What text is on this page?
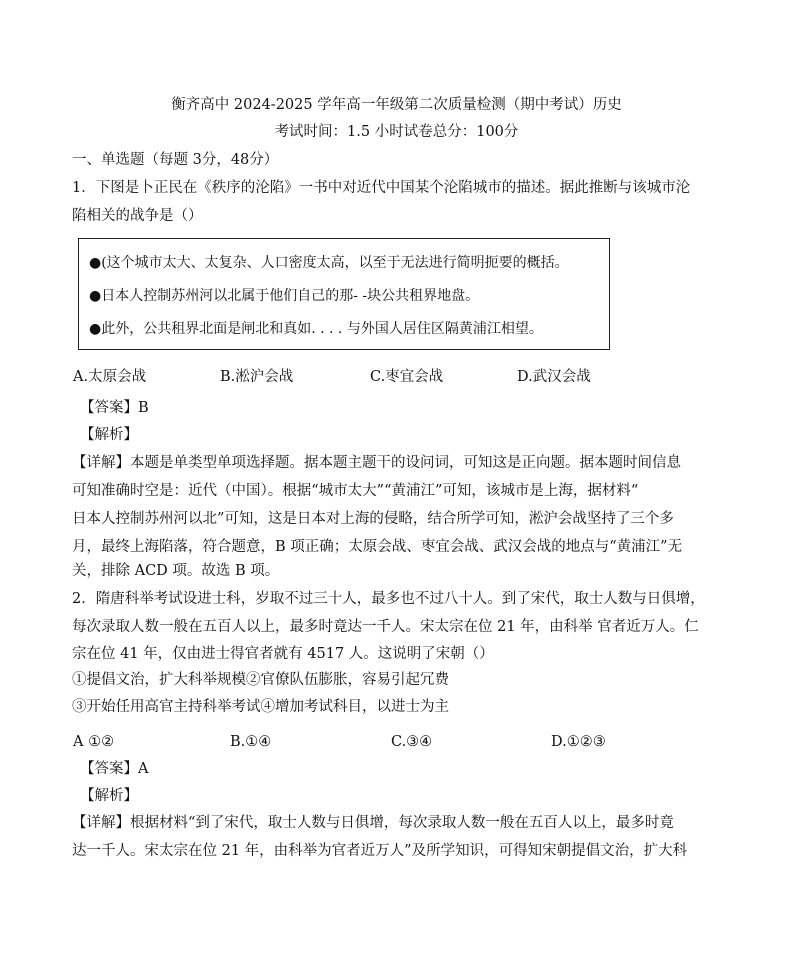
衡齐高中 2024-2025 学年高一年级第二次质量检测（期中考试）历史
考试时间：1.5 小时试卷总分：100分
一、单选题（每题 3分，48分）
1．下图是卜正民在《秩序的沦陷》一书中对近代中国某个沦陷城市的描述。据此推断与该城市沦
陷相关的战争是（）
●(这个城市太大、太复杂、人口密度太高，以至于无法进行简明扼要的概括。
●日本人控制苏州河以北属于他们自己的那- -块公共租界地盘。
●此外，公共租界北面是闸北和真如. . . . 与外国人居住区隔黄浦江相望。
A.太原会战	B.淞沪会战	C.枣宜会战	D.武汉会战
【答案】B
【解析】
【详解】本题是单类型单项选择题。据本题主题干的设问词，可知这是正向题。据本题时间信息
可知准确时空是：近代（中国）。根据“城市太大”“黄浦江”可知，该城市是上海，据材料“
日本人控制苏州河以北”可知，这是日本对上海的侵略，结合所学可知，淞沪会战坚持了三个多
月，最终上海陷落，符合题意，B 项正确；太原会战、枣宜会战、武汉会战的地点与“黄浦江”无
关，排除 ACD 项。故选 B 项。
2．隋唐科举考试设进士科，岁取不过三十人，最多也不过八十人。到了宋代，取士人数与日俱增，
每次录取人数一般在五百人以上，最多时竟达一千人。宋太宗在位 21 年，由科举 官者近万人。仁
宗在位 41 年，仅由进士得官者就有 4517 人。这说明了宋朝（）
①提倡文治，扩大科举规模②官僚队伍膨胀，容易引起冗费
③开始任用高官主持科举考试④增加考试科目，以进士为主
A ①②	B.①④	C.③④	D.①②③
【答案】A
【解析】
【详解】根据材料“到了宋代，取士人数与日俱增，每次录取人数一般在五百人以上，最多时竟
达一千人。宋太宗在位 21 年，由科举为官者近万人”及所学知识，可得知宋朝提倡文治，扩大科
